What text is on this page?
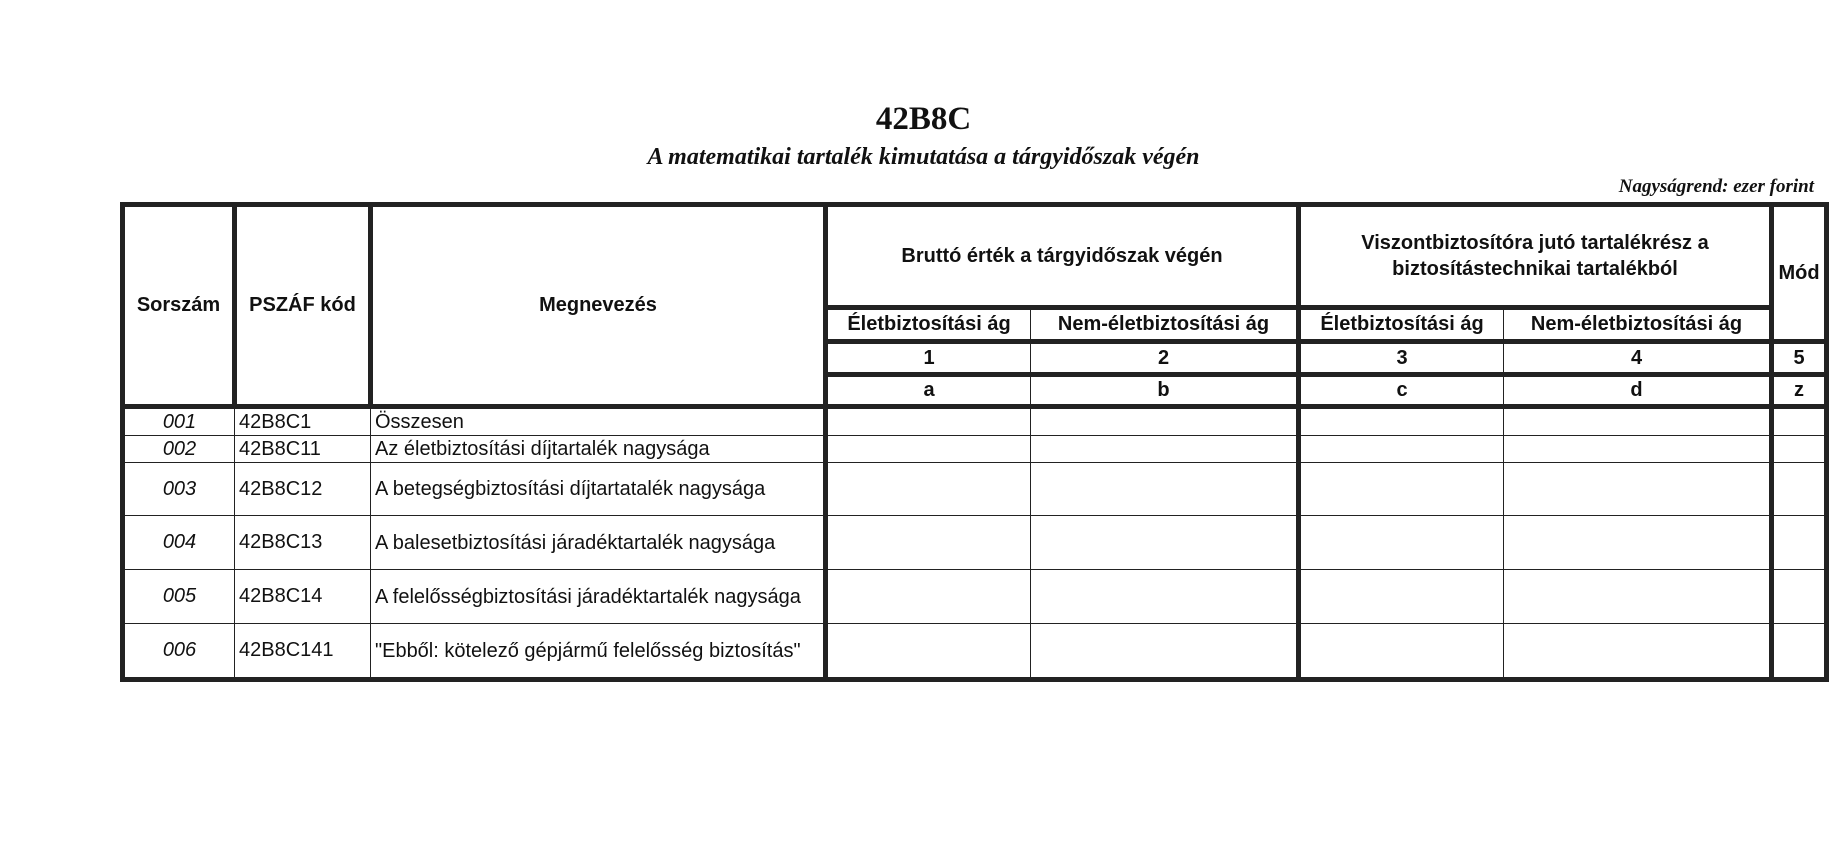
42B8C
A matematikai tartalék kimutatása a tárgyidőszak végén
Nagyságrend: ezer forint
Sorszám	PSZÁF kód	Megnevezés	Bruttó érték a tárgyidőszak végén		Viszontbiztosítóra jutó tartalékrész a biztosítástechnikai tartalékból		Mód
			Életbiztosítási ág	Nem-életbiztosítási ág	Életbiztosítási ág	Nem-életbiztosítási ág	
			1	2	3	4	5
			a	b	c	d	z
001	42B8C1	Összesen					
002	42B8C11	Az életbiztosítási díjtartalék nagysága					
003	42B8C12	A betegségbiztosítási díjtartatalék nagysága					
004	42B8C13	A balesetbiztosítási járadéktartalék nagysága					
005	42B8C14	A felelősségbiztosítási járadéktartalék nagysága					
006	42B8C141	"Ebből: kötelező gépjármű felelősség biztosítás"					
